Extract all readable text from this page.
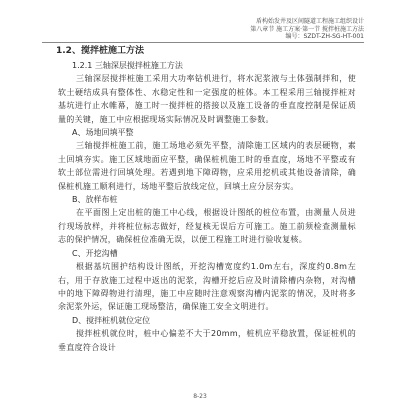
盾构始发井及区间隧道工程施工组织设计
第八章节 施工方案·第一节 搅拌桩施工方法
编号：SZDT-ZH-SG-HT-001

1.2、搅拌桩施工方法

1.2.1 三轴深层搅拌桩施工方法

三轴深层搅拌桩施工采用大功率钻机进行，将水泥浆液与土体强制拌和，使软土硬结成具有整体性、水稳定性和一定强度的桩体。本工程采用三轴搅拌桩对基坑进行止水帷幕，施工时一搅拌桩的搭接以及施工设备的垂直度控制是保证质量的关键，施工中应根据现场实际情况及时调整施工参数。

A、场地回填平整

三轴搅拌桩施工前，施工场地必须先平整，清除施工区域内的表层硬物，素土回填夯实。施工区域地面应平整，确保桩机施工时的垂直度，场地不平整或有软土部位需进行回填处理。若遇到地下障碍物，应采用挖机或其他设备清除，确保桩机施工顺利进行，场地平整后放线定位，回填土应分层夯实。

B、放样布桩

在平面图上定出桩的施工中心线，根据设计图纸的桩位布置，由测量人员进行现场放样，并将桩位标志做好，经复核无误后方可施工。施工前须检查测量标志的保护情况，确保桩位准确无误，以便工程施工时进行验收复核。

C、开挖沟槽

根据基坑围护结构设计图纸，开挖沟槽宽度约1.0m左右，深度约0.8m左右，用于存放施工过程中返出的泥浆，沟槽开挖后应及时清除槽内杂物，对沟槽中的地下障碍物进行清理，施工中应随时注意观察沟槽内泥浆的情况，及时将多余泥浆外运，保证施工现场整洁，确保施工安全文明进行。

D、搅拌桩机就位定位

搅拌桩机就位时，桩中心偏差不大于20mm，桩机应平稳放置，保证桩机的垂直度符合设计

8-23
